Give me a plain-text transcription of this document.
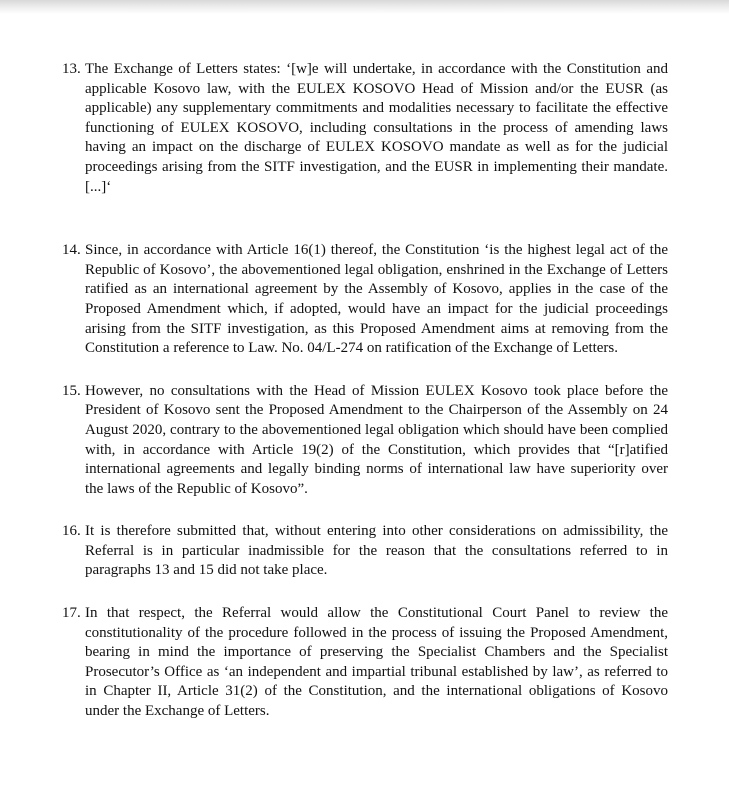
13. The Exchange of Letters states: ‘[w]e will undertake, in accordance with the Constitution and applicable Kosovo law, with the EULEX KOSOVO Head of Mission and/or the EUSR (as applicable) any supplementary commitments and modalities necessary to facilitate the effective functioning of EULEX KOSOVO, including consultations in the process of amending laws having an impact on the discharge of EULEX KOSOVO mandate as well as for the judicial proceedings arising from the SITF investigation, and the EUSR in implementing their mandate. [...]‘

14. Since, in accordance with Article 16(1) thereof, the Constitution ‘is the highest legal act of the Republic of Kosovo’, the abovementioned legal obligation, enshrined in the Exchange of Letters ratified as an international agreement by the Assembly of Kosovo, applies in the case of the Proposed Amendment which, if adopted, would have an impact for the judicial proceedings arising from the SITF investigation, as this Proposed Amendment aims at removing from the Constitution a reference to Law. No. 04/L-274 on ratification of the Exchange of Letters.

15. However, no consultations with the Head of Mission EULEX Kosovo took place before the President of Kosovo sent the Proposed Amendment to the Chairperson of the Assembly on 24 August 2020, contrary to the abovementioned legal obligation which should have been complied with, in accordance with Article 19(2) of the Constitution, which provides that “[r]atified international agreements and legally binding norms of international law have superiority over the laws of the Republic of Kosovo”.

16. It is therefore submitted that, without entering into other considerations on admissibility, the Referral is in particular inadmissible for the reason that the consultations referred to in paragraphs 13 and 15 did not take place.

17. In that respect, the Referral would allow the Constitutional Court Panel to review the constitutionality of the procedure followed in the process of issuing the Proposed Amendment, bearing in mind the importance of preserving the Specialist Chambers and the Specialist Prosecutor’s Office as ‘an independent and impartial tribunal established by law’, as referred to in Chapter II, Article 31(2) of the Constitution, and the international obligations of Kosovo under the Exchange of Letters.
